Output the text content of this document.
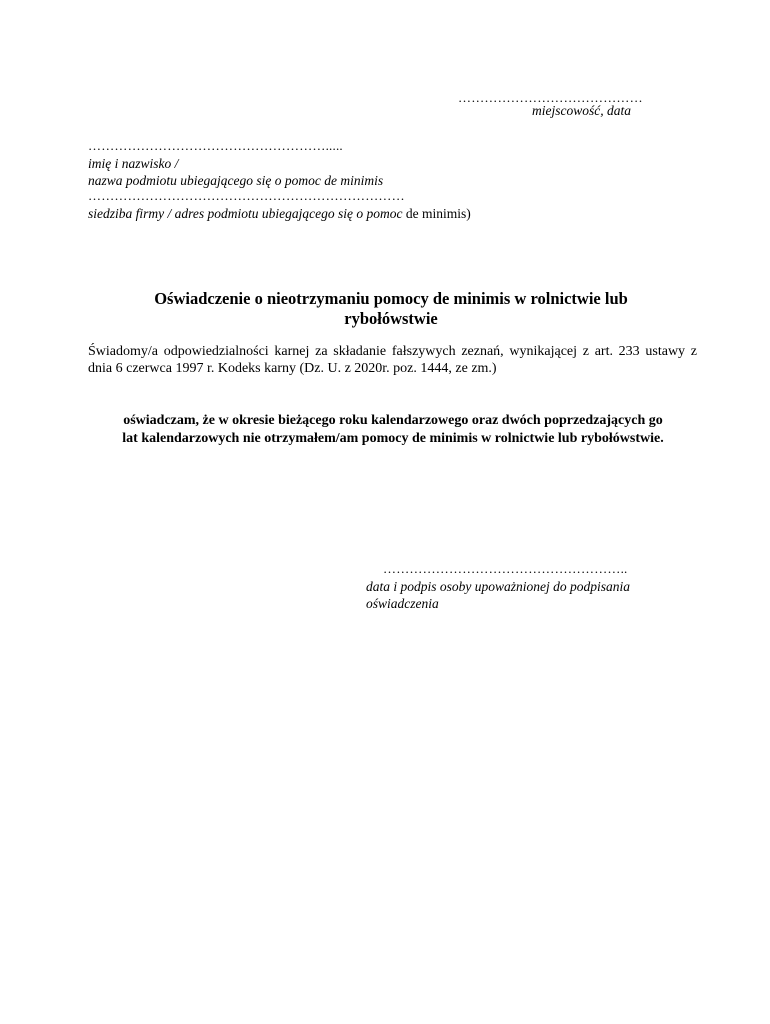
……………………………………
miejscowość, data
……………………………………………….....
imię i nazwisko /
nazwa podmiotu ubiegającego się o pomoc de minimis
………………………………………………………………
siedziba firmy / adres podmiotu ubiegającego się o pomoc de minimis)
Oświadczenie o nieotrzymaniu pomocy de minimis w rolnictwie lub
rybołówstwie
Świadomy/a odpowiedzialności karnej za składanie fałszywych zeznań, wynikającej z art. 233 ustawy z dnia 6 czerwca 1997 r. Kodeks karny (Dz. U. z 2020r. poz. 1444, ze zm.)
oświadczam, że w okresie bieżącego roku kalendarzowego oraz dwóch poprzedzających go
lat kalendarzowych nie otrzymałem/am pomocy de minimis w rolnictwie lub rybołówstwie.
………………………………………………..
data i podpis osoby upoważnionej do podpisania
oświadczenia
